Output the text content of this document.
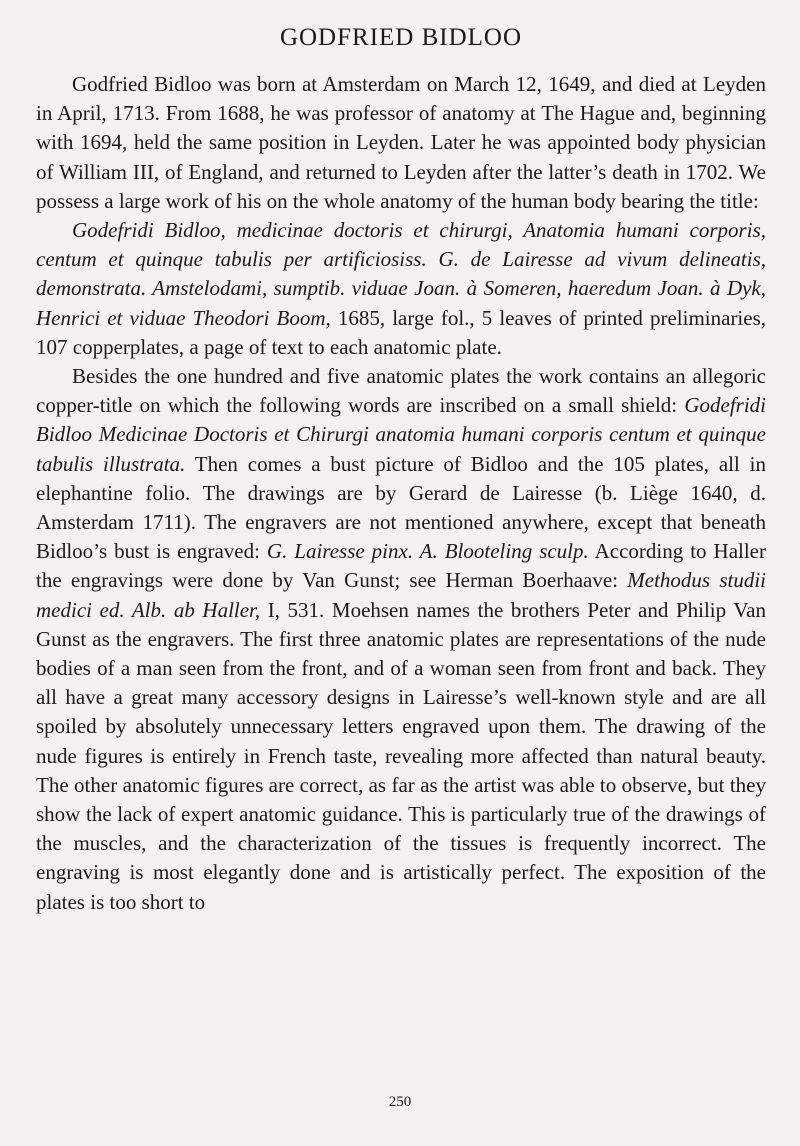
GODFRIED BIDLOO

Godfried Bidloo was born at Amsterdam on March 12, 1649, and died at Leyden in April, 1713. From 1688, he was professor of anatomy at The Hague and, beginning with 1694, held the same position in Leyden. Later he was appointed body physician of William III, of England, and returned to Leyden after the latter’s death in 1702. We possess a large work of his on the whole anatomy of the human body bearing the title:

Godefridi Bidloo, medicinae doctoris et chirurgi, Anatomia humani corporis, centum et quinque tabulis per artificiosiss. G. de Lairesse ad vivum delineatis, demonstrata. Amstelodami, sumptib. viduae Joan. à Someren, haeredum Joan. à Dyk, Henrici et viduae Theodori Boom, 1685, large fol., 5 leaves of printed preliminaries, 107 copperplates, a page of text to each anatomic plate.

Besides the one hundred and five anatomic plates the work contains an allegoric copper-title on which the following words are inscribed on a small shield: Godefridi Bidloo Medicinae Doctoris et Chirurgi anatomia humani corporis centum et quinque tabulis illustrata. Then comes a bust picture of Bidloo and the 105 plates, all in elephantine folio. The drawings are by Gerard de Lairesse (b. Liège 1640, d. Amsterdam 1711). The engravers are not mentioned anywhere, except that beneath Bidloo’s bust is engraved: G. Lairesse pinx. A. Blooteling sculp. According to Haller the engravings were done by Van Gunst; see Herman Boerhaave: Methodus studii medici ed. Alb. ab Haller, I, 531. Moehsen names the brothers Peter and Philip Van Gunst as the engravers. The first three anatomic plates are representations of the nude bodies of a man seen from the front, and of a woman seen from front and back. They all have a great many accessory designs in Lairesse’s well-known style and are all spoiled by absolutely unnecessary letters engraved upon them. The drawing of the nude figures is entirely in French taste, revealing more affected than natural beauty. The other anatomic figures are correct, as far as the artist was able to observe, but they show the lack of expert anatomic guidance. This is particularly true of the drawings of the muscles, and the characterization of the tissues is frequently incorrect. The engraving is most elegantly done and is artistically perfect. The exposition of the plates is too short to

250
